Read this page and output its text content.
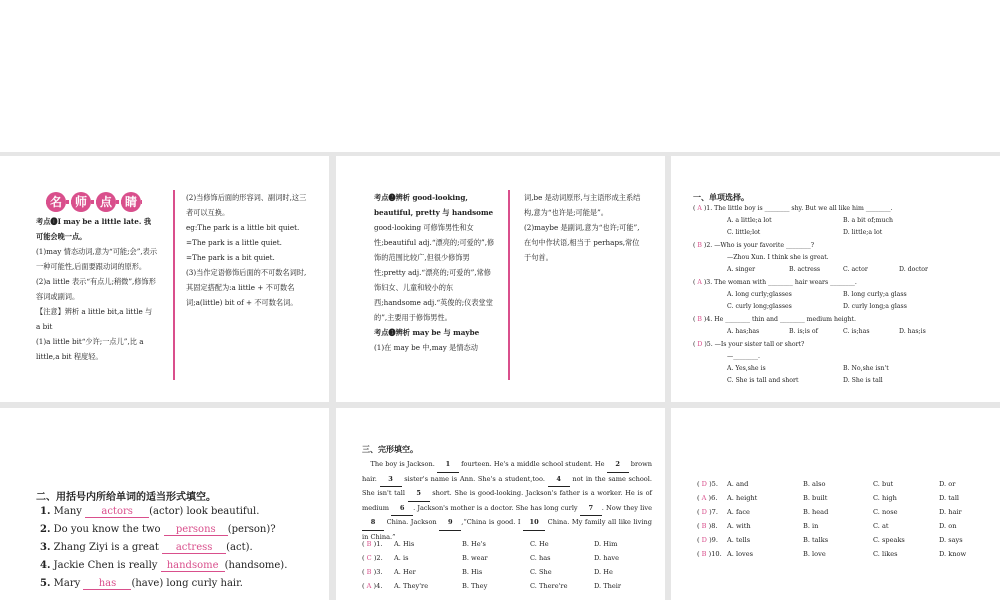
名	师	点	睛
考点❶I may be a little late. 我可能会晚一点。
(1)may 情态动词,意为“可能;会”,表示一种可能性,后面要跟动词的原形。
(2)a little 表示“有点儿;稍微”,修饰形容词或副词。
【注意】辨析 a little bit,a little 与 a bit
(1)a little bit“少许;一点儿”,比 a little,a bit 程度轻。
(2)当修饰后面的形容词、副词时,这三者可以互换。
eg:The park is a little bit quiet.
=The park is a little quiet.
=The park is a bit quiet.
(3)当作定语修饰后面的不可数名词时,其固定搭配为:a little + 不可数名词;a(little) bit of + 不可数名词。
考点❷辨析 good-looking, beautiful, pretty 与 handsome
good-looking 可修饰男性和女性;beautiful adj.“漂亮的;可爱的”,修饰的范围比较广,但很少修饰男性;pretty adj.“漂亮的;可爱的”,常修饰妇女、儿童和较小的东西;handsome adj.“英俊的;仪表堂堂的”,主要用于修饰男性。
考点❸辨析 may be 与 maybe
(1)在 may be 中,may 是情态动
词,be 是动词原形,与主语形成主系结构,意为“也许是;可能是”。
(2)maybe 是副词,意为“也许;可能”,在句中作状语,相当于 perhaps,常位于句首。
一、单项选择。
( A )1. The little boy is ________ shy. But we all like him ________.
A. a little;a lot	B. a bit of;much
C. little;lot	D. little;a lot
( B )2. —Who is your favorite ________?
—Zhou Xun. I think she is great.
A. singer	B. actress	C. actor	D. doctor
( A )3. The woman with ________ hair wears ________.
A. long curly;glasses	B. long curly;a glass
C. curly long;glasses	D. curly long;a glass
( B )4. He ________ thin and ________ medium height.
A. has;has	B. is;is of	C. is;has	D. has;is
( D )5. —Is your sister tall or short?
—________.
A. Yes,she is	B. No,she isn't
C. She is tall and short	D. She is tall
二、用括号内所给单词的适当形式填空。
1. Many actors (actor) look beautiful.
2. Do you know the two persons (person)?
3. Zhang Ziyi is a great actress (act).
4. Jackie Chen is really handsome (handsome).
5. Mary has (have) long curly hair.
三、完形填空。
The boy is Jackson. 1 fourteen. He's a middle school student. He 2 brown hair. 3 sister's name is Ann. She's a student,too. 4 not in the same school. She isn't tall 5 short. She is good-looking. Jackson's father is a worker. He is of medium 6 . Jackson's mother is a doctor. She has long curly 7 . Now they live 8 China. Jackson 9 ,“China is good. I 10 China. My family all like living in China.”
( B )1. A. His	B. He's	C. He	D. Him
( C )2. A. is	B. wear	C. has	D. have
( B )3. A. Her	B. His	C. She	D. He
( A )4. A. They're	B. They	C. There're	D. Their
( D )5. A. and	B. also	C. but	D. or
( A )6. A. height	B. built	C. high	D. tall
( D )7. A. face	B. head	C. nose	D. hair
( B )8. A. with	B. in	C. at	D. on
( D )9. A. tells	B. talks	C. speaks	D. says
( B )10. A. loves	B. love	C. likes	D. know
